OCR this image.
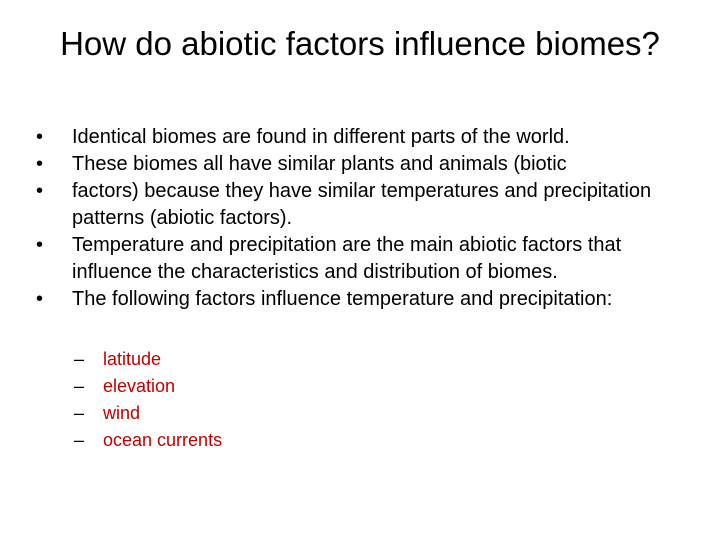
How do abiotic factors influence biomes?
•	Identical biomes are found in different parts of the world.
•	These biomes all have similar plants and animals (biotic
•	factors) because they have similar temperatures and precipitation patterns (abiotic factors).
•	Temperature and precipitation are the main abiotic factors that influence the characteristics and distribution of biomes.
•	The following factors influence temperature and precipitation:
– latitude
– elevation
– wind
– ocean currents
